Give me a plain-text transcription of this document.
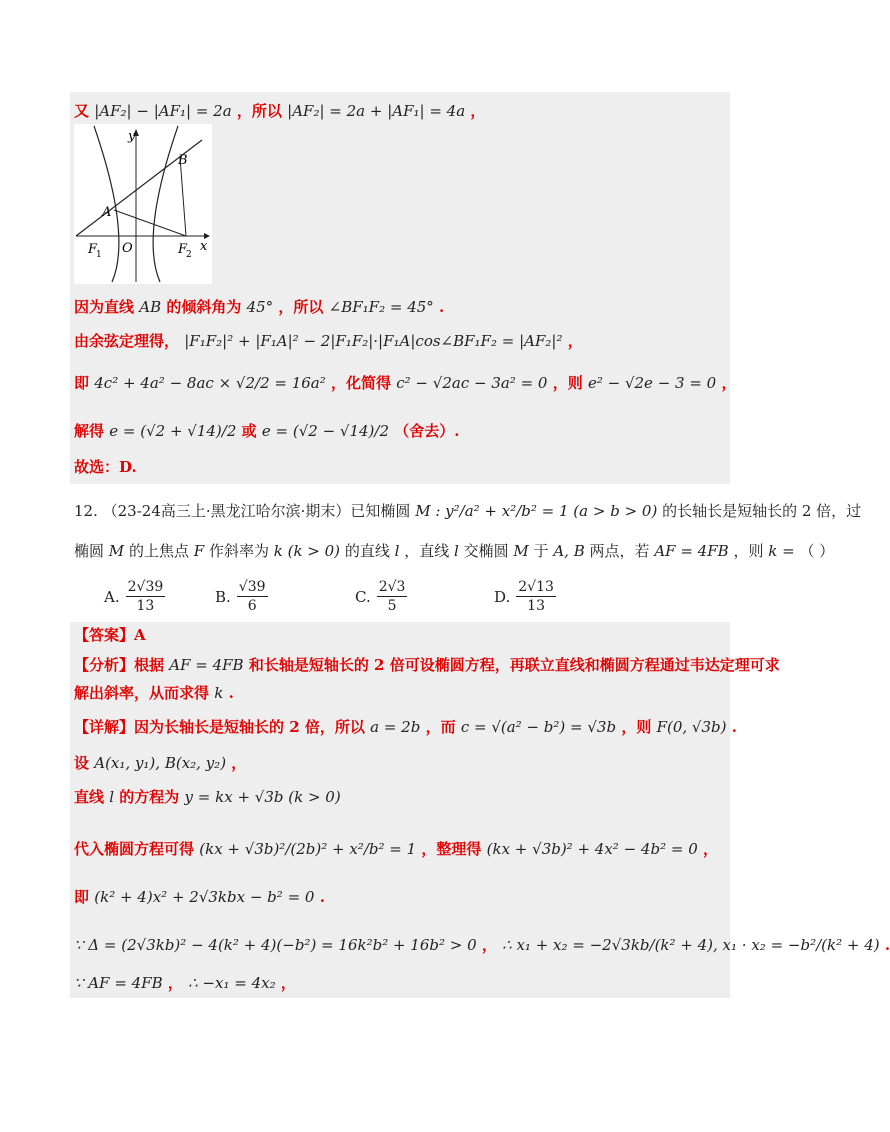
又 |AF₂| − |AF₁| = 2a ，所以 |AF₂| = 2a + |AF₁| = 4a ，
y
x
B
A
O
F
1	F
2
因为直线 AB 的倾斜角为 45° ，所以 ∠BF₁F₂ = 45° .
由余弦定理得， |F₁F₂|² + |F₁A|² − 2|F₁F₂|·|F₁A|cos∠BF₁F₂ = |AF₂|² ，
即 4c² + 4a² − 8ac × √2/2 = 16a² ，化简得 c² − √2ac − 3a² = 0 ，则 e² − √2e − 3 = 0 ，
解得 e = (√2 + √14)/2 或 e = (√2 − √14)/2 （舍去）.
故选：D.
12. （23-24高三上·黑龙江哈尔滨·期末）已知椭圆 M : y²/a² + x²/b² = 1 (a > b > 0) 的长轴长是短轴长的 2 倍，过
椭圆 M 的上焦点 F 作斜率为 k (k > 0) 的直线 l ，直线 l 交椭圆 M 于 A, B 两点，若 AF = 4FB ，则 k = （ ）
A. $\frac{2√39}{13}$	B. $\frac{√39}{6}$	C. $\frac{2√3}{5}$	D. $\frac{2√13}{13}$
【答案】A
【分析】根据 AF = 4FB 和长轴是短轴长的 2 倍可设椭圆方程，再联立直线和椭圆方程通过韦达定理可求
解出斜率，从而求得 k .
【详解】因为长轴长是短轴长的 2 倍，所以 a = 2b ，而 c = √(a² − b²) = √3b ，则 F(0, √3b) .
设 A(x₁, y₁), B(x₂, y₂) ，
直线 l 的方程为 y = kx + √3b (k > 0)
代入椭圆方程可得 (kx + √3b)²/(2b)² + x²/b² = 1 ，整理得 (kx + √3b)² + 4x² − 4b² = 0 ，
即 (k² + 4)x² + 2√3kbx − b² = 0 .
∵ Δ = (2√3kb)² − 4(k² + 4)(−b²) = 16k²b² + 16b² > 0 ， ∴ x₁ + x₂ = −2√3kb/(k² + 4), x₁ · x₂ = −b²/(k² + 4) .
∵ AF = 4FB ， ∴ −x₁ = 4x₂ ，
